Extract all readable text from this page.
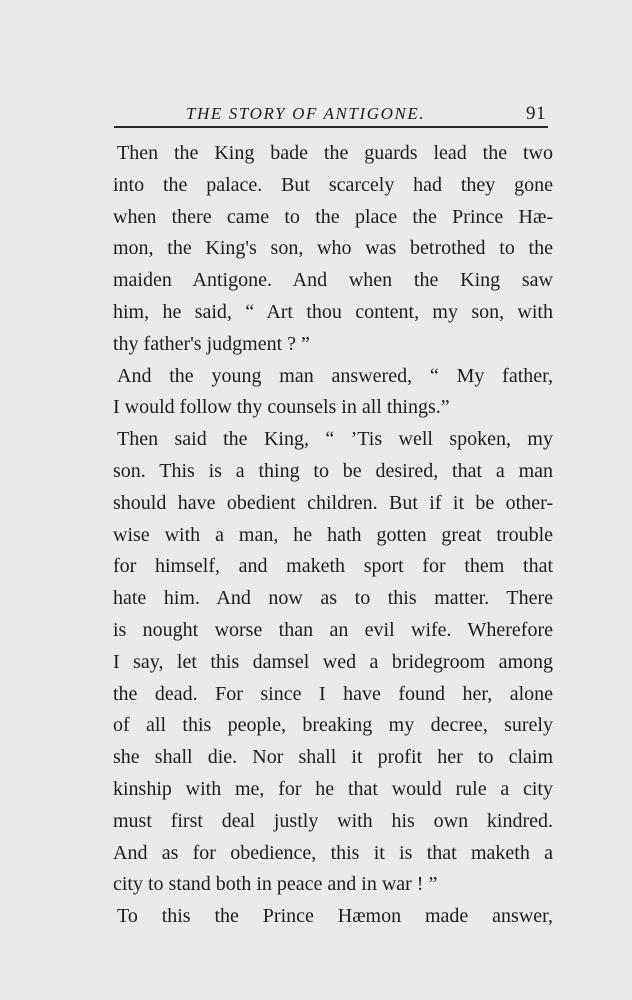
THE STORY OF ANTIGONE.	91
Then the King bade the guards lead the two
into the palace. But scarcely had they gone
when there came to the place the Prince Hæ-
mon, the King's son, who was betrothed to the
maiden Antigone. And when the King saw
him, he said, “ Art thou content, my son, with
thy father's judgment ? ”
And the young man answered, “ My father,
I would follow thy counsels in all things.”
Then said the King, “ ’Tis well spoken, my
son. This is a thing to be desired, that a man
should have obedient children. But if it be other-
wise with a man, he hath gotten great trouble
for himself, and maketh sport for them that
hate him. And now as to this matter. There
is nought worse than an evil wife. Wherefore
I say, let this damsel wed a bridegroom among
the dead. For since I have found her, alone
of all this people, breaking my decree, surely
she shall die. Nor shall it profit her to claim
kinship with me, for he that would rule a city
must first deal justly with his own kindred.
And as for obedience, this it is that maketh a
city to stand both in peace and in war ! ”
To this the Prince Hæmon made answer,
